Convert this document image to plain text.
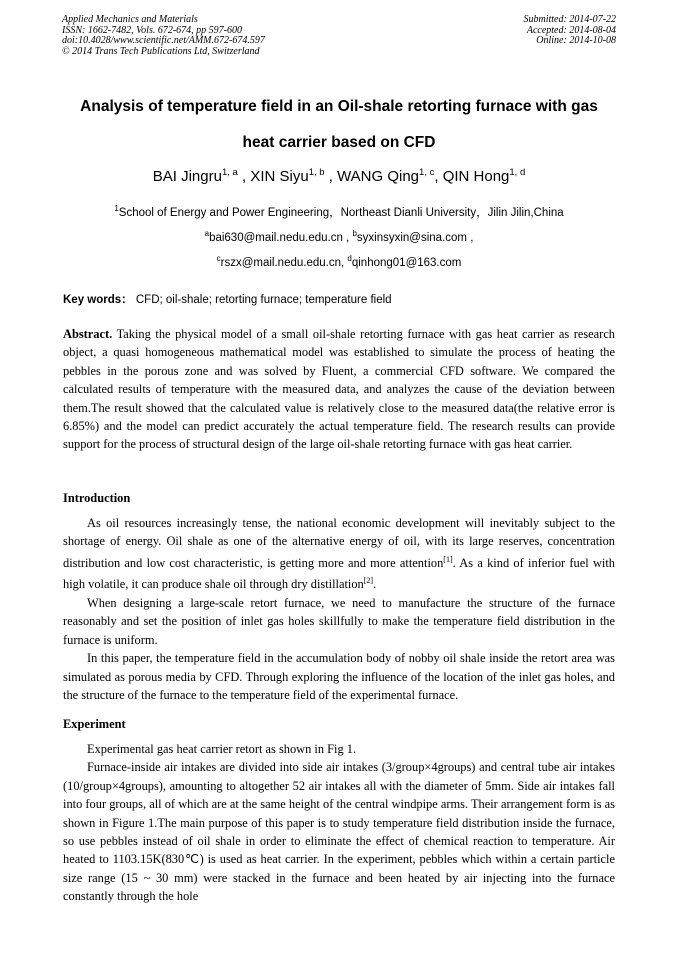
Applied Mechanics and Materials
ISSN: 1662-7482, Vols. 672-674, pp 597-600
doi:10.4028/www.scientific.net/AMM.672-674.597
© 2014 Trans Tech Publications Ltd, Switzerland
Submitted: 2014-07-22
Accepted: 2014-08-04
Online: 2014-10-08
Analysis of temperature field in an Oil-shale retorting furnace with gas
heat carrier based on CFD
BAI Jingru$^{1, a}$ , XIN Siyu$^{1, b}$ , WANG Qing$^{1, c}$, QIN Hong$^{1, d}$
$^1$School of Energy and Power Engineering，Northeast Dianli University，Jilin Jilin,China
$^a$bai630@mail.nedu.edu.cn , $^b$syxinsyxin@sina.com ,
$^c$rszx@mail.nedu.edu.cn, $^d$qinhong01@163.com
Key words： CFD; oil-shale; retorting furnace; temperature field

Abstract. Taking the physical model of a small oil-shale retorting furnace with gas heat carrier as research object, a quasi homogeneous mathematical model was established to simulate the process of heating the pebbles in the porous zone and was solved by Fluent, a commercial CFD software. We compared the calculated results of temperature with the measured data, and analyzes the cause of the deviation between them.The result showed that the calculated value is relatively close to the measured data(the relative error is 6.85%) and the model can predict accurately the actual temperature field. The research results can provide support for the process of structural design of the large oil-shale retorting furnace with gas heat carrier.

Introduction

As oil resources increasingly tense, the national economic development will inevitably subject to the shortage of energy. Oil shale as one of the alternative energy of oil, with its large reserves, concentration distribution and low cost characteristic, is getting more and more attention[1]. As a kind of inferior fuel with high volatile, it can produce shale oil through dry distillation[2].

When designing a large-scale retort furnace, we need to manufacture the structure of the furnace reasonably and set the position of inlet gas holes skillfully to make the temperature field distribution in the furnace is uniform.

In this paper, the temperature field in the accumulation body of nobby oil shale inside the retort area was simulated as porous media by CFD. Through exploring the influence of the location of the inlet gas holes, and the structure of the furnace to the temperature field of the experimental furnace.

Experiment

Experimental gas heat carrier retort as shown in Fig 1.

Furnace-inside air intakes are divided into side air intakes (3/group×4groups) and central tube air intakes (10/group×4groups), amounting to altogether 52 air intakes all with the diameter of 5mm. Side air intakes fall into four groups, all of which are at the same height of the central windpipe arms. Their arrangement form is as shown in Figure 1.The main purpose of this paper is to study temperature field distribution inside the furnace, so use pebbles instead of oil shale in order to eliminate the effect of chemical reaction to temperature. Air heated to 1103.15K(830℃) is used as heat carrier. In the experiment, pebbles which within a certain particle size range (15 ~ 30 mm) were stacked in the furnace and been heated by air injecting into the furnace constantly through the hole
